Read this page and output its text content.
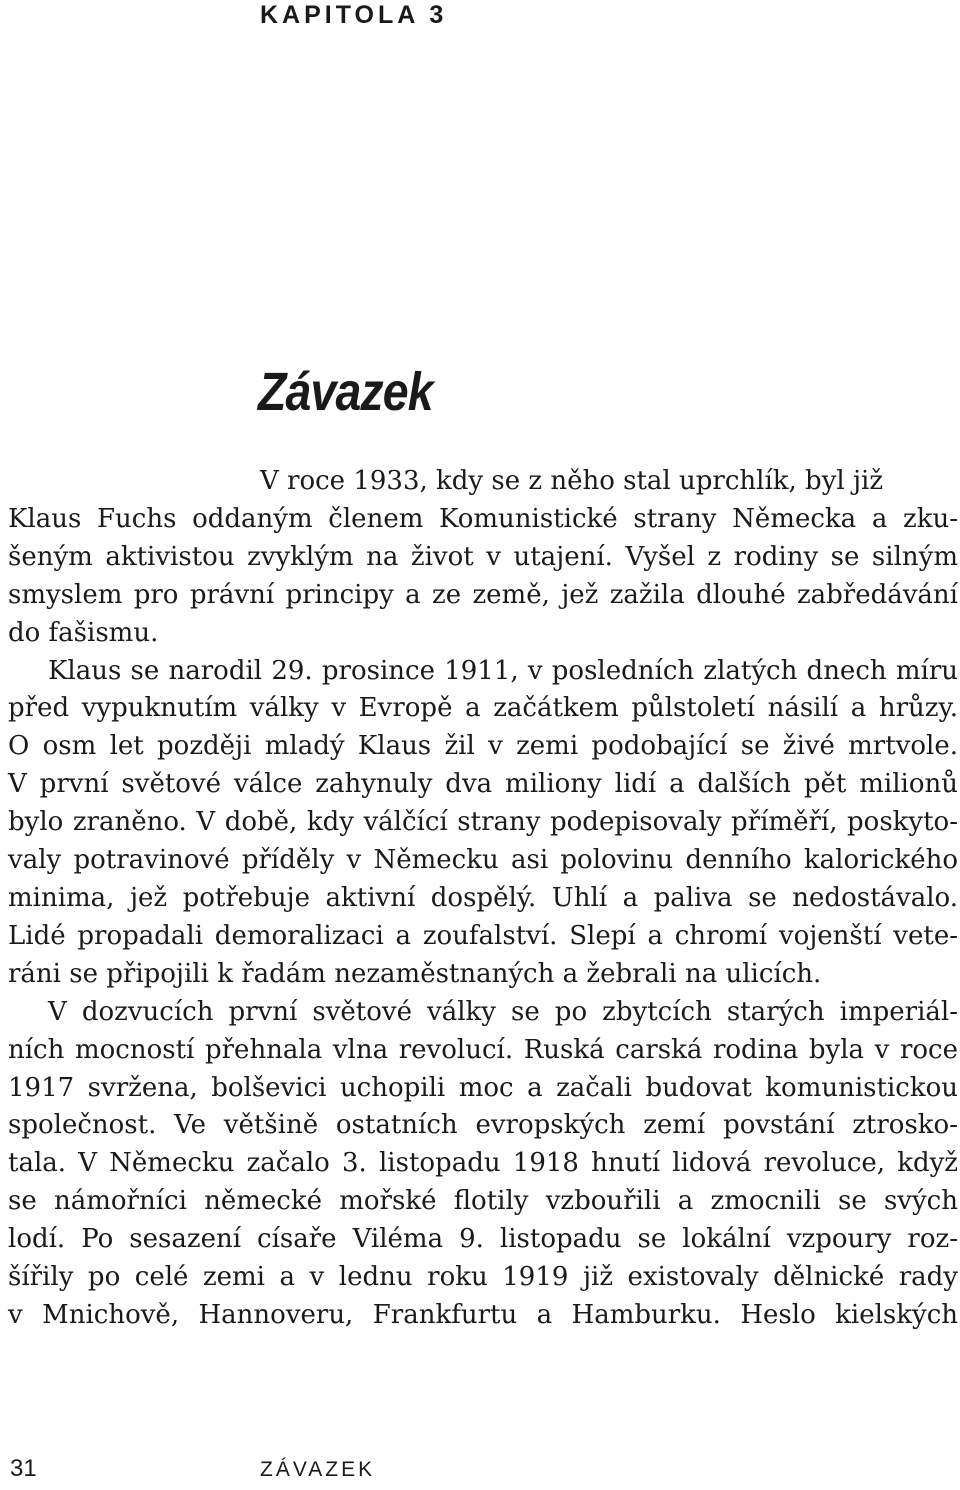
KAPITOLA 3
Závazek
V roce 1933, kdy se z něho stal uprchlík, byl již
Klaus Fuchs oddaným členem Komunistické strany Německa a zku-
šeným aktivistou zvyklým na život v utajení. Vyšel z rodiny se silným
smyslem pro právní principy a ze země, jež zažila dlouhé zabředávání
do fašismu.
Klaus se narodil 29. prosince 1911, v posledních zlatých dnech míru
před vypuknutím války v Evropě a začátkem půlstoletí násilí a hrůzy.
O osm let později mladý Klaus žil v zemi podobající se živé mrtvole.
V první světové válce zahynuly dva miliony lidí a dalších pět milionů
bylo zraněno. V době, kdy válčící strany podepisovaly příměří, poskyto-
valy potravinové příděly v Německu asi polovinu denního kalorického
minima, jež potřebuje aktivní dospělý. Uhlí a paliva se nedostávalo.
Lidé propadali demoralizaci a zoufalství. Slepí a chromí vojenští vete-
ráni se připojili k řadám nezaměstnaných a žebrali na ulicích.
V dozvucích první světové války se po zbytcích starých imperiál-
ních mocností přehnala vlna revolucí. Ruská carská rodina byla v roce
1917 svržena, bolševici uchopili moc a začali budovat komunistickou
společnost. Ve většině ostatních evropských zemí povstání ztrosko-
tala. V Německu začalo 3. listopadu 1918 hnutí lidová revoluce, když
se námořníci německé mořské flotily vzbouřili a zmocnili se svých
lodí. Po sesazení císaře Viléma 9. listopadu se lokální vzpoury roz-
šířily po celé zemi a v lednu roku 1919 již existovaly dělnické rady
v Mnichově, Hannoveru, Frankfurtu a Hamburku. Heslo kielských
31	ZÁVAZEK
